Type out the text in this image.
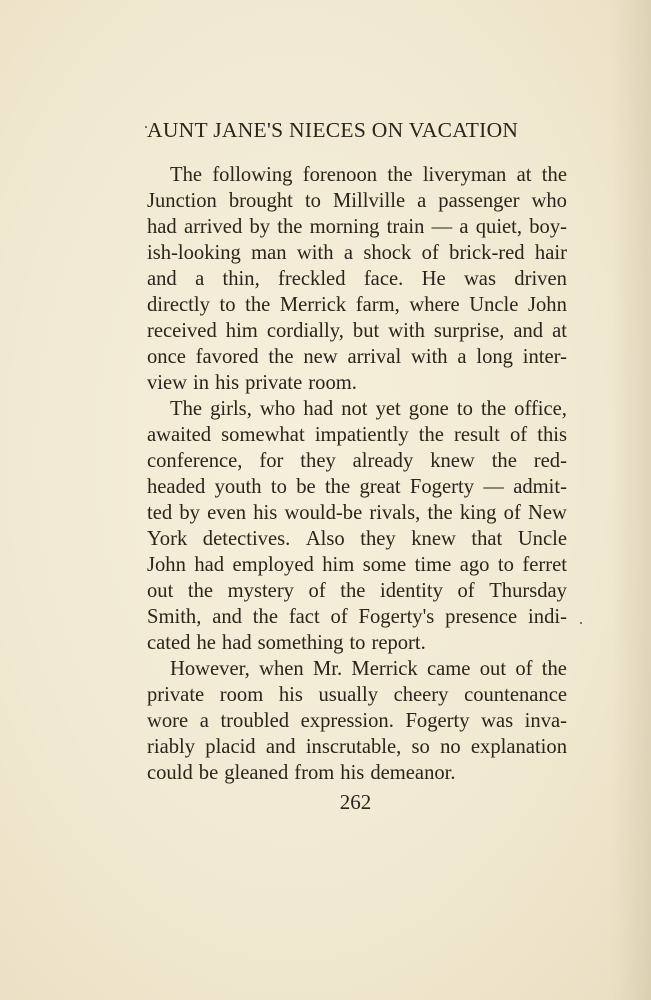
AUNT JANE'S NIECES ON VACATION
The following forenoon the liveryman at the
Junction brought to Millville a passenger who
had arrived by the morning train — a quiet, boy-
ish-looking man with a shock of brick-red hair
and a thin, freckled face. He was driven
directly to the Merrick farm, where Uncle John
received him cordially, but with surprise, and at
once favored the new arrival with a long inter-
view in his private room.
The girls, who had not yet gone to the office,
awaited somewhat impatiently the result of this
conference, for they already knew the red-
headed youth to be the great Fogerty — admit-
ted by even his would-be rivals, the king of New
York detectives. Also they knew that Uncle
John had employed him some time ago to ferret
out the mystery of the identity of Thursday
Smith, and the fact of Fogerty's presence indi-
cated he had something to report.
However, when Mr. Merrick came out of the
private room his usually cheery countenance
wore a troubled expression. Fogerty was inva-
riably placid and inscrutable, so no explanation
could be gleaned from his demeanor.
262
